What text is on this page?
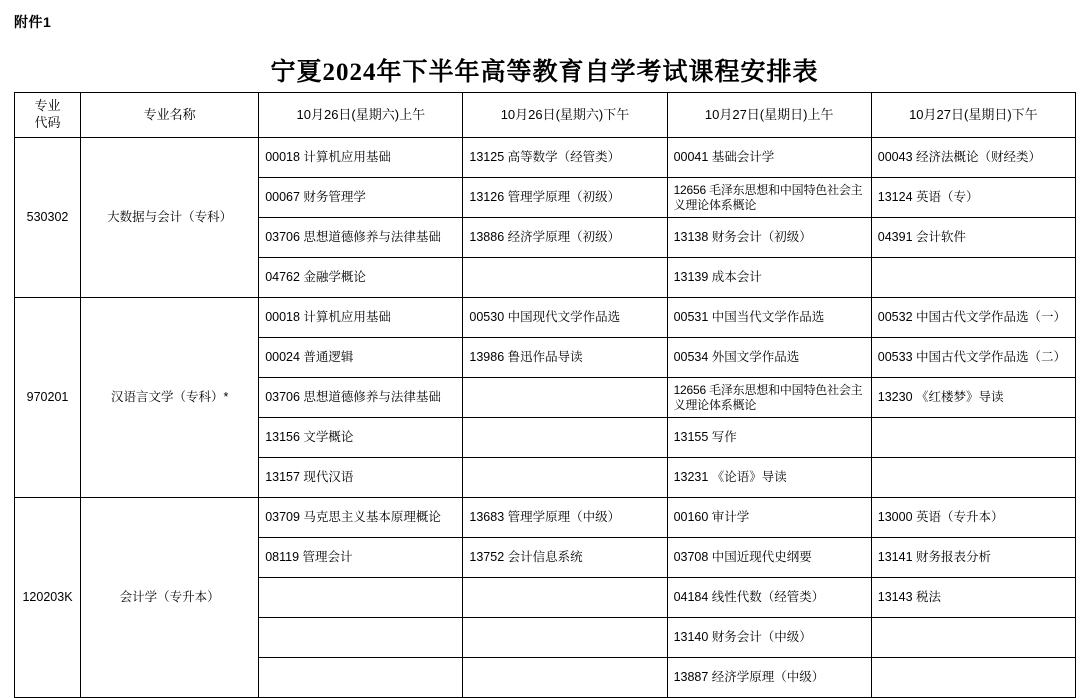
附件1
宁夏2024年下半年高等教育自学考试课程安排表
专业
代码	专业名称	10月26日(星期六)上午	10月26日(星期六)下午	10月27日(星期日)上午	10月27日(星期日)下午
530302	大数据与会计（专科）	00018 计算机应用基础	13125 高等数学（经管类）	00041 基础会计学	00043 经济法概论（财经类）
		00067 财务管理学	13126 管理学原理（初级）	12656 毛泽东思想和中国特色社会主义理论体系概论	13124 英语（专）
		03706 思想道德修养与法律基础	13886 经济学原理（初级）	13138 财务会计（初级）	04391 会计软件
		04762 金融学概论		13139 成本会计	
970201	汉语言文学（专科）*	00018 计算机应用基础	00530 中国现代文学作品选	00531 中国当代文学作品选	00532 中国古代文学作品选（一）
		00024 普通逻辑	13986 鲁迅作品导读	00534 外国文学作品选	00533 中国古代文学作品选（二）
		03706 思想道德修养与法律基础		12656 毛泽东思想和中国特色社会主义理论体系概论	13230 《红楼梦》导读
		13156 文学概论		13155 写作	
		13157 现代汉语		13231 《论语》导读	
120203K	会计学（专升本）	03709 马克思主义基本原理概论	13683 管理学原理（中级）	00160 审计学	13000 英语（专升本）
		08119 管理会计	13752 会计信息系统	03708 中国近现代史纲要	13141 财务报表分析
				04184 线性代数（经管类）	13143 税法
				13140 财务会计（中级）	
				13887 经济学原理（中级）	
